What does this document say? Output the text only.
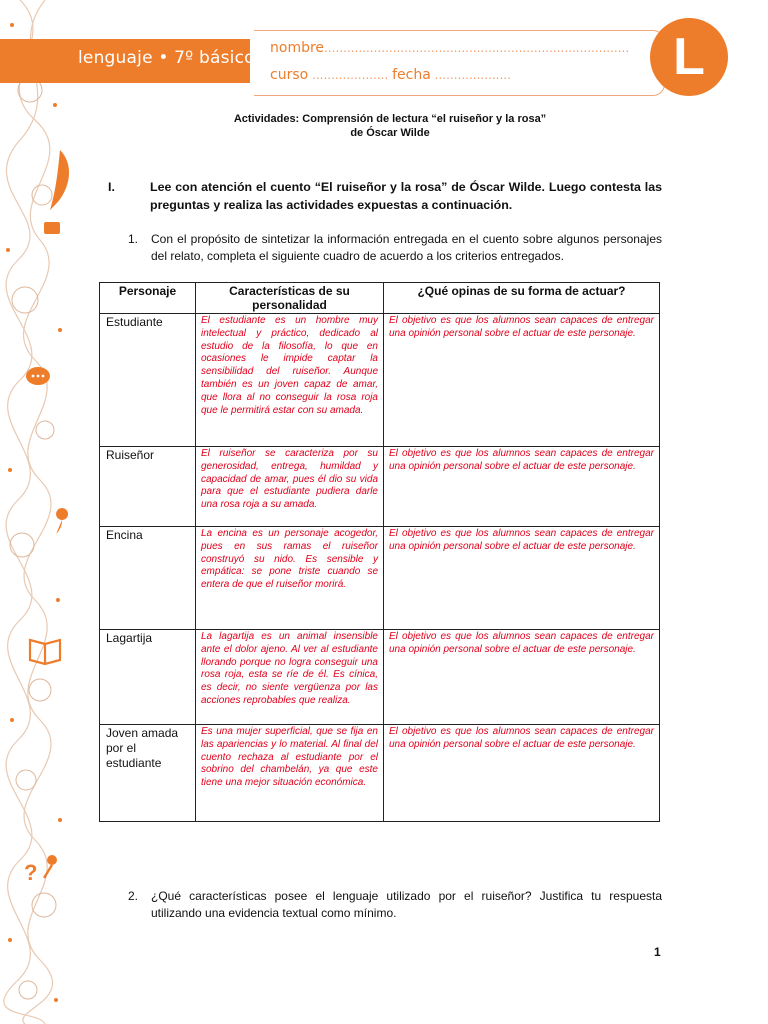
?
lenguaje • 7º básico nombre................................................................................
curso .................... fecha ....................	L
Actividades: Comprensión de lectura “el ruiseñor y la rosa”
de Óscar Wilde
I.	Lee con atención el cuento “El ruiseñor y la rosa” de Óscar Wilde. Luego contesta las preguntas y realiza las actividades expuestas a continuación.
1. Con el propósito de sintetizar la información entregada en el cuento sobre algunos personajes del relato, completa el siguiente cuadro de acuerdo a los criterios entregados.
Personaje	Características de su personalidad	¿Qué opinas de su forma de actuar?
Estudiante	El estudiante es un hombre muy intelectual y práctico, dedicado al estudio de la filosofía, lo que en ocasiones le impide captar la sensibilidad del ruiseñor. Aunque también es un joven capaz de amar, que llora al no conseguir la rosa roja que le permitirá estar con su amada.	El objetivo es que los alumnos sean capaces de entregar una opinión personal sobre el actuar de este personaje.
Ruiseñor	El ruiseñor se caracteriza por su generosidad, entrega, humildad y capacidad de amar, pues él dio su vida para que el estudiante pudiera darle una rosa roja a su amada.	El objetivo es que los alumnos sean capaces de entregar una opinión personal sobre el actuar de este personaje.
Encina	La encina es un personaje acogedor, pues en sus ramas el ruiseñor construyó su nido. Es sensible y empática: se pone triste cuando se entera de que el ruiseñor morirá.	El objetivo es que los alumnos sean capaces de entregar una opinión personal sobre el actuar de este personaje.
Lagartija	La lagartija es un animal insensible ante el dolor ajeno. Al ver al estudiante llorando porque no logra conseguir una rosa roja, esta se ríe de él. Es cínica, es decir, no siente vergüenza por las acciones reprobables que realiza.	El objetivo es que los alumnos sean capaces de entregar una opinión personal sobre el actuar de este personaje.
Joven amada por el estudiante	Es una mujer superficial, que se fija en las apariencias y lo material. Al final del cuento rechaza al estudiante por el sobrino del chambelán, ya que este tiene una mejor situación económica.	El objetivo es que los alumnos sean capaces de entregar una opinión personal sobre el actuar de este personaje.
2. ¿Qué características posee el lenguaje utilizado por el ruiseñor? Justifica tu respuesta utilizando una evidencia textual como mínimo.
1
